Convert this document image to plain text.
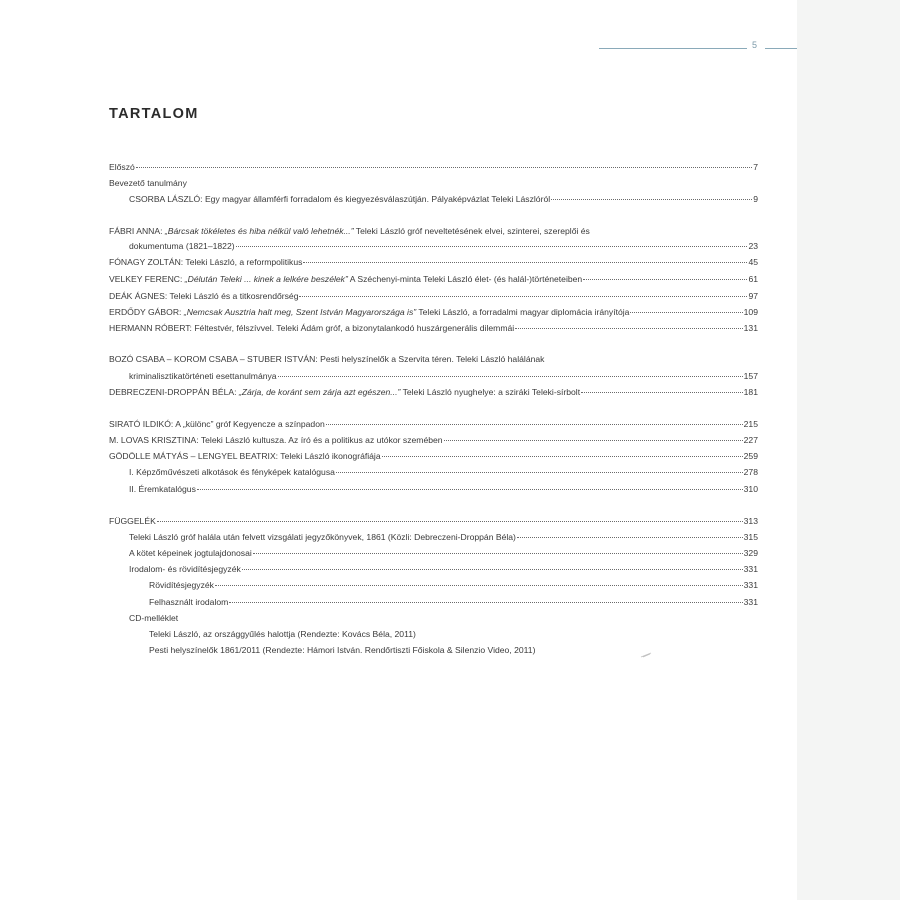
5
TARTALOM
Előszó	7
Bevezető tanulmány
CSORBA LÁSZLÓ: Egy magyar államférfi forradalom és kiegyezésválaszútján. Pályaképvázlat Teleki Lászlóról	9
FÁBRI ANNA: „Bárcsak tökéletes és hiba nélkül való lehetnék...” Teleki László gróf neveltetésének elvei, szinterei, szereplői és
dokumentuma (1821–1822)	23
FÓNAGY ZOLTÁN: Teleki László, a reformpolitikus	45
VELKEY FERENC: „Délután Teleki ... kinek a lelkére beszélek” A Széchenyi-minta Teleki László élet- (és halál-)történeteiben	61
DEÁK ÁGNES: Teleki László és a titkosrendőrség	97
ERDŐDY GÁBOR: „Nemcsak Ausztria halt meg, Szent István Magyarországa is” Teleki László, a forradalmi magyar diplomácia irányítója	109
HERMANN RÓBERT: Féltestvér, félszívvel. Teleki Ádám gróf, a bizonytalankodó huszárgenerális dilemmái	131
BOZÓ CSABA – KOROM CSABA – STUBER ISTVÁN: Pesti helyszínelők a Szervita téren. Teleki László halálának
kriminalisztikatörténeti esettanulmánya	157
DEBRECZENI-DROPPÁN BÉLA: „Zárja, de koránt sem zárja azt egészen...” Teleki László nyughelye: a sziráki Teleki-sírbolt	181
SIRATÓ ILDIKÓ: A „különc” gróf Kegyencze a színpadon	215
M. LOVAS KRISZTINA: Teleki László kultusza. Az író és a politikus az utókor szemében	227
GÖDÖLLE MÁTYÁS – LENGYEL BEATRIX: Teleki László ikonográfiája	259
I. Képzőművészeti alkotások és fényképek katalógusa	278
II. Éremkatalógus	310
FÜGGELÉK	313
Teleki László gróf halála után felvett vizsgálati jegyzőkönyvek, 1861 (Közli: Debreczeni-Droppán Béla)	315
A kötet képeinek jogtulajdonosai	329
Irodalom- és rövidítésjegyzék	331
Rövidítésjegyzék	331
Felhasznált irodalom	331
CD-melléklet
Teleki László, az országgyűlés halottja (Rendezte: Kovács Béla, 2011)
Pesti helyszínelők 1861/2011 (Rendezte: Hámori István. Rendőrtiszti Főiskola & Silenzio Video, 2011)
